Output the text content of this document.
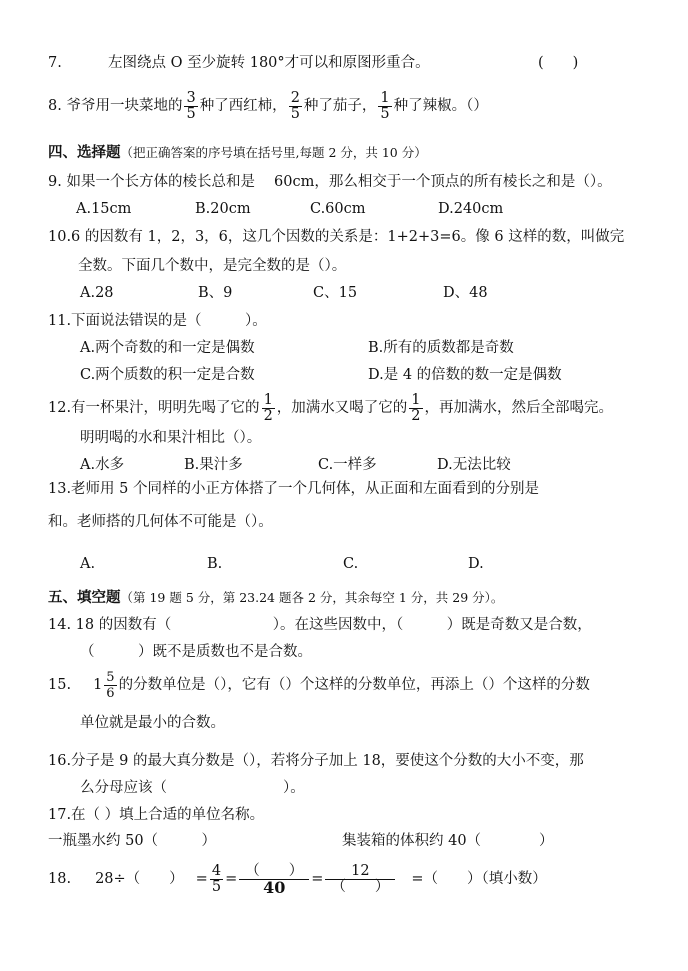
7.	左图绕点 O 至少旋转 180°才可以和原图形重合。	(　　)
8. 爷爷用一块菜地的 $\frac{3}{5}$ 种了西红柿， $\frac{2}{5}$ 种了茄子， $\frac{1}{5}$ 种了辣椒。（）
四、选择题（把正确答案的序号填在括号里,每题 2 分，共 10 分）
9. 如果一个长方体的棱长总和是　 60cm，那么相交于一个顶点的所有棱长之和是（）。
A.15cm	B.20cm	C.60cm	D.240cm
10.6 的因数有 1，2，3，6，这几个因数的关系是：1+2+3=6。像 6 这样的数，叫做完
全数。下面几个数中，是完全数的是（）。
A.28	B、9	C、15	D、48
11.下面说法错误的是（　　　）。
A.两个奇数的和一定是偶数	B.所有的质数都是奇数
C.两个质数的积一定是合数	D.是 4 的倍数的数一定是偶数
12.有一杯果汁，明明先喝了它的 $\frac{1}{2}$ ，加满水又喝了它的 $\frac{1}{2}$ ，再加满水，然后全部喝完。
明明喝的水和果汁相比（）。
A.水多	B.果汁多	C.一样多	D.无法比较
13.老师用 5 个同样的小正方体搭了一个几何体，从正面和左面看到的分别是
和。老师搭的几何体不可能是（）。
A.	B.	C.	D.
五、填空题（第 19 题 5 分，第 23.24 题各 2 分，其余每空 1 分，共 29 分）。
14. 18 的因数有（　　　　　　　）。在这些因数中，（　　　）既是奇数又是合数，
（　　　）既不是质数也不是合数。
15. $1 \frac{5}{6}$ 的分数单位是（），它有（）个这样的分数单位，再添上（）个这样的分数
单位就是最小的合数。
16.分子是 9 的最大真分数是（），若将分子加上 18，要使这个分数的大小不变，那
么分母应该（　　　　　　　　）。
17.在（ ）填上合适的单位名称。
一瓶墨水约 50（　　　）	集装箱的体积约 40（　　　　）
18. 28÷（　　） = $\frac{4}{5} = \frac{( )}{40} = \frac{12}{( )}$ =（　　）（填小数）
